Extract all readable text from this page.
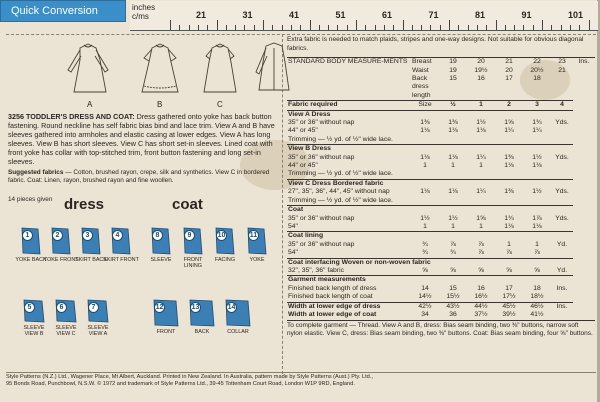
Quick Conversion	inches
c/ms	21	31	41	51	61	71	81	91	101
A	B	C
3256 TODDLER'S DRESS AND COAT: Dress gathered onto yoke has back button fastening. Round neckline has self fabric bias bind and lace trim. View A and B have sleeves gathered into armholes and elastic casing at lower edges. View A has long sleeves. View B has short sleeves. View C has short set-in sleeves. Lined coat with front yoke has collar with top-stitched trim, front button fastening and long set-in sleeves.
Suggested fabrics — Cotton, brushed rayon, crepe, silk and synthetics. View C in bordered fabric. Coat: Linen, rayon, brushed rayon and fine woollen.
14 pieces given dress	coat
1
YOKE BACK
2
YOKE FRONT
3
SKIRT BACK
4
SKIRT FRONT
5
SLEEVE VIEW B
6
SLEEVE VIEW C
7
SLEEVE VIEW A
8
SLEEVE
9
FRONT LINING
10
FACING
11
YOKE
12
FRONT
13
BACK
14
COLLAR
Extra fabric is needed to match plaids, stripes and one-way designs. Not suitable for obvious diagonal fabrics.
STANDARD BODY MEASURE-MENTS	Breast	19	20	21	22	23	Ins.
	Waist	19	19½	20	20½	21	
	Back dress length	15	16	17	18		
Fabric required	Size	½	1	2	3	4	
View A Dress							
35" or 36" without nap	1⅜	1⅜	1½	1⅝	1¾	Yds.	
44" or 45"	1⅛	1⅛	1⅛	1¼	1¼		
Trimming — ½ yd. of ½" wide lace.							
View B Dress							
35" or 36" without nap	1⅛	1⅛	1¼	1⅜	1½	Yds.	
44" or 45"	1	1	1	1⅛	1⅛		
Trimming — ½ yd. of ½" wide lace.							
View C Dress Bordered fabric							
27", 35", 36", 44", 45" without nap	1⅛	1⅛	1¼	1⅜	1½	Yds.	
Trimming — ½ yd. of ½" wide lace.							
Coat							
35" or 36" without nap	1½	1½	1⅝	1¾	1⅞	Yds.	
54"	1	1	1	1⅛	1⅛		
Coat lining							
35" or 36" without nap	¾	⅞	⅞	1	1	Yd.	
54"	¾	¾	⅞	⅞	⅞		
Coat interfacing Woven or non-woven fabric							
32", 35", 36" fabric	⅝	⅝	⅝	⅝	⅝	Yd.	
Garment measurements							
Finished back length of dress	14	15	16	17	18	Ins.	
Finished back length of coat	14½	15½	16½	17½	18½		
Width at lower edge of dress	42½	43½	44½	45½	46½	Ins.	
Width at lower edge of coat	34	36	37½	39½	41½		
To complete garment — Thread. View A and B, dress: Bias seam binding, two ⅜" buttons, narrow soft nylon elastic. View C, dress: Bias seam binding, two ⅜" buttons. Coat: Bias seam binding, four ⅝" buttons.
Style Patterns (N.Z.) Ltd., Wagener Place, Mt Albert, Auckland. Printed in New Zealand. In Australia, pattern made by Style Patterns (Aust.) Pty. Ltd.,
95 Bonds Road, Punchbowl, N.S.W. © 1972 and trademark of Style Patterns Ltd., 39-45 Tottenham Court Road, London W1P 9RD, England.
